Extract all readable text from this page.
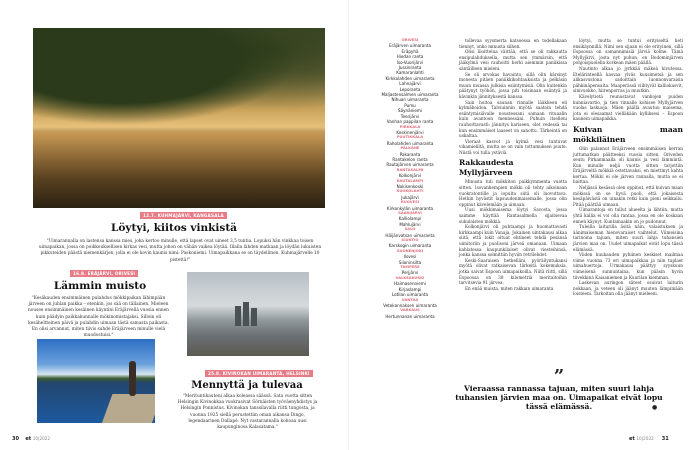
12.7. KUHMAJÄRVI, KANGASALA
Löytyi, kiitos vinkistä
"Uimarannalla on lastensa kanssa mies, joka kertoo minulle, että lapset ovat uineet 3,5 tuntia. Lopuksi hän vinkkaa toisen uimapaikan, jossa on poikkeuksellisen kirkas vesi, mutta johon on vähän vaikea löytää. Illalla lähden matkaan ja löydän lukuisten pikkuteiden päästä niemenkärjen, jolla ei ole kovin kaunis nimi: Paskoniemi. Uimapaikkana se on täydellinen. Kuhmajärvelle 10 pistettä!"
16.8. ERÄJÄRVI, ORIVESI
Lämmin muisto
"Kesäkauden ensimmäinen pulahdus mökkipaikan lähimpään järveen on juhlan paikka – etenkin, jos sää on tällainen. Mieleen nousee ensimmäinen kesäinen käyntini Eräjärvellä vuosia ennen kuin päädyin paikkakunnalle mökinomistajaksi. Silloin oli kesäheltteinen päivä ja pulahdin uimaan tästä samasta paikasta. En olisi arvannut, miten tiivis suhde Eräjärveen minulle vielä muodostuisi."
25.8. KIVINOKAN UIMARANTA, HELSINKI
Mennyttä ja tulevaa
"Merituntikauteni alkaa koleassa säässä. Sata vuotta sitten Helsingin Kivinokkaa vuokrasivat Sörnäisten työväenyhdistys ja Helsingin Ponnistus. Kivinokan tanssilavalla riitti tungosta, ja vuonna 1925 siellä perustettiin oman aikansa Dingo, legendaarinen Dallapé. Nyt vastarannalla kohoaa uusi kaupunginosa Kalasatama."
30 et 10|2022
ORIVESI
Eräjärven uimaranta
Eräpyhä
Hiedan ranta
Iso-Vuorijärvi
Jussinranta
Kamaranlahti
Kirkkolahden uimaranta
Lahnajärvi
Leporanta
Maljastensalmen uimaranta
Nihuan uimaranta
Pumu
Säynäniemi
Teerijärvi
Vanhan pappilan ranta
PIRKKALA
Keskinenjärvi
PUUTIKKALA
Raholahden uimaranta
PÄLKÄNE
Pakaranta
Rantakelon ranta
Rautajärven uimaranta
RANTASALMI
Kolkonjärvi
RAUTALAMPI
Nokisenkoski
RUOKOLAHTI
Jukajärvi
RUOVESI
Kirkonkylän uimaranta
SAARIJÄRVI
Kalliolampi
Mahlujärvi
SALO
Häijänvatsan uimaranta
SIUNTIO
Karskogin uimaranta
SUONENJOKI
Ilsvesi
Siioninsilta
TAMPERE
Perjjärvi
VALKEAKOSKI
Haimasenniemi
Kirjaslampi
Lotilan uimaranta
VANTAA
Vetokannaksen uimaranta
VARKAUS
Hertunnanan uimaranta

tollevaa syysmerta katsoessa en todellakaan tiennyt, onko minusta siihen.

Olisi liioittelua väittää, että se oli rakkautta ensipulahduksella, mutta sen ymmärsin, että jääkylmä vesi rauhoitti herki aiemmin paniikissa säntäilleen mieleni.

Se oli arvokas havainto, sillä olin kärsinyt monesta pitäen paniikkikohtauksista ja pelkäsin muun muassa julkisia esiintymisiä. Olin kuitenkin päätynyt työhön, jossa piti toisinaan esiintyä ja kävinkin jännityksestä kanssa.

Sain hoitoa saunan rinnalle lääkkeen eli kylmähoidon. Talviuinnin myötä saatoin tehdä esiintymisiävalle noustessani samaan rituaalin kuin avantoon mennessäni. Puhuin itselleni rauhoittavasti: jännitys kariseen, olet vedessä tai kun ensimmäiset laaseet on sanottu. Tärkeintä on uskaltaa.

Vieraat kasvot ja kylmä vesi tuntuvat vihamieliltä, mutta se on vain tottumuksen puute. Niistä voi tulla ystäviä.

Rakkaudesta Myllyjärveen

Minusta tuli mökkiton paikkymmenta vuotta sitten. Isovanhempien mökki oli tehty aikoinaan vuokratontille ja lopulta siitä oli luovuttava. Hetkin hyvästit lapsuudenmaisemalle, jossa olin oppinut kävelemään ja uimaan.

Uusi mökkimaisema löytyi Savosta, jossa saimme käyttää Rantasalmella sijaitsevaa sukulaisten mökkiä.

Kolkonjärvi oli puhtaampi ja huomattavasti kirkkaampi kuin Vanaja. Jokainen uintakausi alkaa siitä, että lokit oltuat ehtineet tehdä pesänsä uimitoriin ja puolisoni järveä omanaan. Uimaan kahlatessa kaupunkilaiset olivat viesteihinsä, jonka kanssa solmittiin hyviin retrilehdet.

Keski-Saaraisen hetkelläni, pyöräilyntukansi myötä olivat ratkaisevan tärkeitä kokemuksia, jotka saivat Espoon uimapaikoilla. Niitä riitti, sillä Espoossa on 38 kilometriä meritaitoihin tarvitsevia 91 järvea.

En enää muista, miten rakkain uimaranta

löytyi, mutta se tuntui erityiseltä heti ensikäynnillä. Nimi sen sijaan ei ole erityinen, sillä Espoossa on samannimisiä järviä kolme. Tämä Myllyjärvi, josta nyt puhun, on Bodominjärven pohjoispuolella korkean mäen päällä.

Nautinto alkaa jo jyrkkää mäkeä kivutessa. Etelärinteellä kasvaa ylväs kuusimetsä ja sen alikasvustona sadoittain luonnonvaraisia pähkinäpensaita. Maaperässä viihtyvät kalliokasvit, sinivuokko, hiirenporras ja muutkin.

Kävelytietä reunustavat vanhojen puiden kunniavartio, ja tien rinnalle kohisee Myllyjärven vuolas laskuoja. Mäen päällä avautuu maisema, jota ei olesaamat vielläkään kylliksesi – Espoon kaunein uimapaikka.

Kuivan maan mökkiläinen

Olin palannut Eräjärveen ensimmäisen kerran juttumatkan päätteeksi vuosia sitten. Oriveden seutu Pirkanmaalla oli kaunis ja vesi lämmintä. Kun minulle neljä vuotta sitten tarjottiin Eräjärveltä mökkiä ostettavaksi, en miettinyt kahta kertaa. Mökki ei ole järven rannalla, mutta se ei haittaa.

Neljässä kesässä olen oppinut, että kuivan maan mökissä on se hyvä puoli, että jokaisesta kesäpäivästä on uinakin retki kuin pieni seikkailu. Pitää päättää uimaan.

Uimarantoja on tullut alueelta ja lähtiin, mutta yhtä kallia ei voi olla rantaa, jossa en ole koskaan ennen käynyt. Kuntamaakin on jo pudonnut.

Tuleilla laiturilla äsitä näin, valaistuksen ja äänimaiseman hienovaraiset vaihtelut. Viimeisina tarinoina tajuan, miten suuri lahja tuhansien järvien maa on. Uudet uimapaikat eivät lopu tässä elämässä.

Viiden kuukauden pyhiinen keskiset mailmaa viime vuonna 73 eri uimapaikkaa ja niin tuplaet uimahuertoja. Urmakausi päättyy syyskuun viimeisenä sunnuntaina, kun pääsin hyvin tiivekkinä Kaisaniemen ja Kuurilan kiemman.

Laskevan auringon säteet osuivat laiturin nokkaan, ja veteen oli jäänyt muuten lämpimään loisteeni. Tarkoitan olla jäänyt mieleeni.

”
Vieraassa rannassa tajuan, miten suuri lahja tuhansien järvien maa on. Uimapaikat eivät lopu tässä elämässä.	●
et 10|2022 31
